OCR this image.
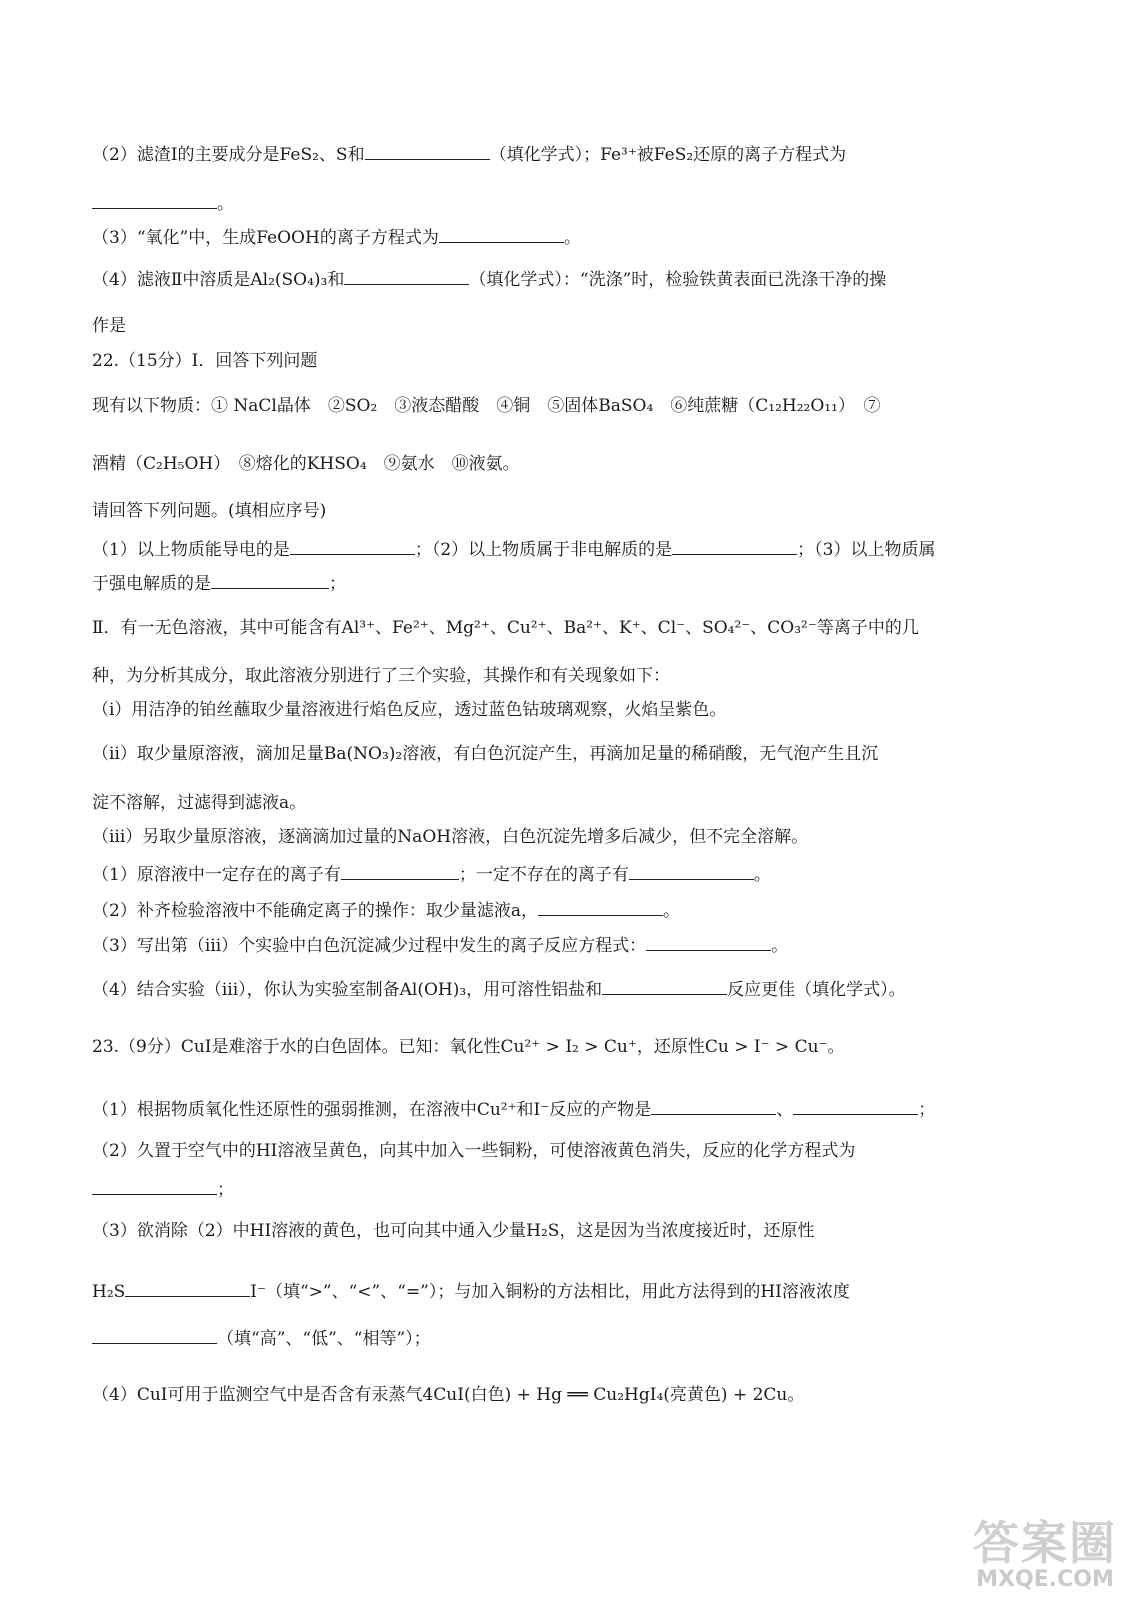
（2）滤渣Ⅰ的主要成分是FeS₂、S和	（填化学式）；Fe³⁺被FeS₂还原的离子方程式为
。
（3）“氧化”中，生成FeOOH的离子方程式为	。
（4）滤液Ⅱ中溶质是Al₂(SO₄)₃和	（填化学式）：“洗涤”时，检验铁黄表面已洗涤干净的操
作是
22.（15分）I．回答下列问题
现有以下物质：① NaCl晶体　②SO₂　③液态醋酸　④铜　⑤固体BaSO₄　⑥纯蔗糖（C₁₂H₂₂O₁₁）　⑦
酒精（C₂H₅OH）　⑧熔化的KHSO₄　⑨氨水　⑩液氨。
请回答下列问题。(填相应序号)
（1）以上物质能导电的是	；（2）以上物质属于非电解质的是	；（3）以上物质属
于强电解质的是	；
Ⅱ．有一无色溶液，其中可能含有Al³⁺、Fe²⁺、Mg²⁺、Cu²⁺、Ba²⁺、K⁺、Cl⁻、SO₄²⁻、CO₃²⁻等离子中的几
种，为分析其成分，取此溶液分别进行了三个实验，其操作和有关现象如下：
（ⅰ）用洁净的铂丝蘸取少量溶液进行焰色反应，透过蓝色钴玻璃观察，火焰呈紫色。
（ⅱ）取少量原溶液，滴加足量Ba(NO₃)₂溶液，有白色沉淀产生，再滴加足量的稀硝酸，无气泡产生且沉
淀不溶解，过滤得到滤液a。
（ⅲ）另取少量原溶液，逐滴滴加过量的NaOH溶液，白色沉淀先增多后减少，但不完全溶解。
（1）原溶液中一定存在的离子有	；一定不存在的离子有	。
（2）补齐检验溶液中不能确定离子的操作：取少量滤液a，	。
（3）写出第（ⅲ）个实验中白色沉淀减少过程中发生的离子反应方程式：	。
（4）结合实验（ⅲ），你认为实验室制备Al(OH)₃，用可溶性铝盐和	反应更佳（填化学式）。
23.（9分）CuI是难溶于水的白色固体。已知：氧化性Cu²⁺ > I₂ > Cu⁺，还原性Cu > I⁻ > Cu⁻。
（1）根据物质氧化性还原性的强弱推测，在溶液中Cu²⁺和I⁻反应的产物是	、	；
（2）久置于空气中的HI溶液呈黄色，向其中加入一些铜粉，可使溶液黄色消失，反应的化学方程式为
；
（3）欲消除（2）中HI溶液的黄色，也可向其中通入少量H₂S，这是因为当浓度接近时，还原性
H₂S	I⁻（填“>”、“<”、“=”）；与加入铜粉的方法相比，用此方法得到的HI溶液浓度
（填“高”、“低”、“相等”）；
（4）CuI可用于监测空气中是否含有汞蒸气4CuI(白色) + Hg ══ Cu₂HgI₄(亮黄色) + 2Cu。
答案圈
MXQE.COM
